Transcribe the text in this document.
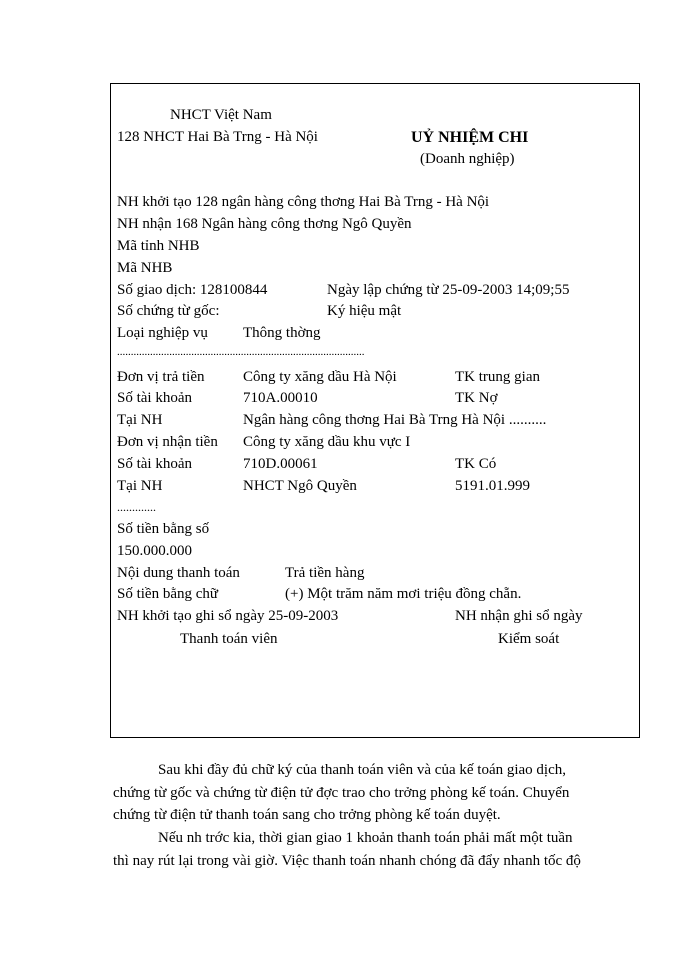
NHCT Việt Nam
128 NHCT Hai Bà Trng - Hà Nội	UỶ NHIỆM CHI
(Doanh nghiệp)
NH khởi tạo 128 ngân hàng công thơng Hai Bà Trng - Hà Nội
NH nhận 168 Ngân hàng công thơng Ngô Quyền
Mã tỉnh NHB
Mã NHB
Số giao dịch: 128100844	Ngày lập chứng từ 25-09-2003 14;09;55
Số chứng từ gốc:	Ký hiệu mật
Loại nghiệp vụ Thông thờng
..........................................................................................
Đơn vị trả tiền	Công ty xăng dầu Hà Nội	TK trung gian
Số tài khoản	710A.00010	TK Nợ
Tại NH	Ngân hàng công thơng Hai Bà Trng Hà Nội ..........
Đơn vị nhận tiền Công ty xăng dầu khu vực I
Số tài khoản	710D.00061	TK Có
Tại NH	NHCT Ngô Quyền	5191.01.999
.............
Số tiền bằng số
150.000.000
Nội dung thanh toán	Trả tiền hàng
Số tiền bằng chữ	(+) Một trăm năm mơi triệu đồng chẵn.
NH khởi tạo ghi sổ ngày 25-09-2003	NH nhận ghi sổ ngày
Thanh toán viên	Kiểm soát
Sau khi đầy đủ chữ ký của thanh toán viên và của kế toán giao dịch,
chứng từ gốc và chứng từ điện tử đợc trao cho trởng phòng kế toán. Chuyển
chứng từ điện tử thanh toán sang cho trởng phòng kế toán duyệt.
Nếu nh trớc kia, thời gian giao 1 khoản thanh toán phải mất một tuần
thì nay rút lại trong vài giờ. Việc thanh toán nhanh chóng đã đẩy nhanh tốc độ
